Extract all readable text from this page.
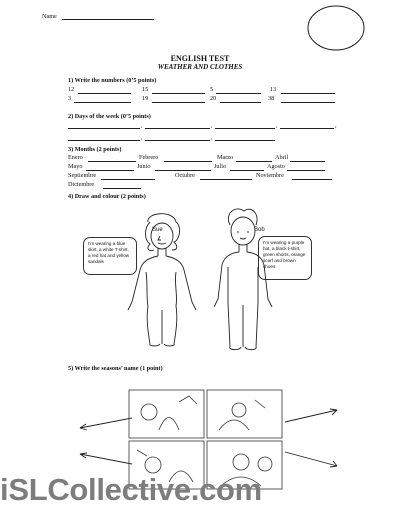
Name
ENGLISH TEST
WEATHER AND CLOTHES
1) Write the numbers (0’5 points)
12	15	5	13
3	19	20	38
2) Days of the week (0’5 points)
,	,	,	,
,	,
3) Months (2 points)
Enero	Febrero	Marzo	Abril
Mayo	Junio	Julio	Agosto
Septiembre	Octubre	Noviembre
Diciembre
4) Draw and colour (2 points)
Sue	Bob
I’m wearing a blue skirt, a white T-shirt, a red hat and yellow sandals
I’m wearing a purple hat, a black t-shirt, green shorts, orange scarf and brown shoes
5) Write the seasons’ name (1 point)
iSLCollective.com
